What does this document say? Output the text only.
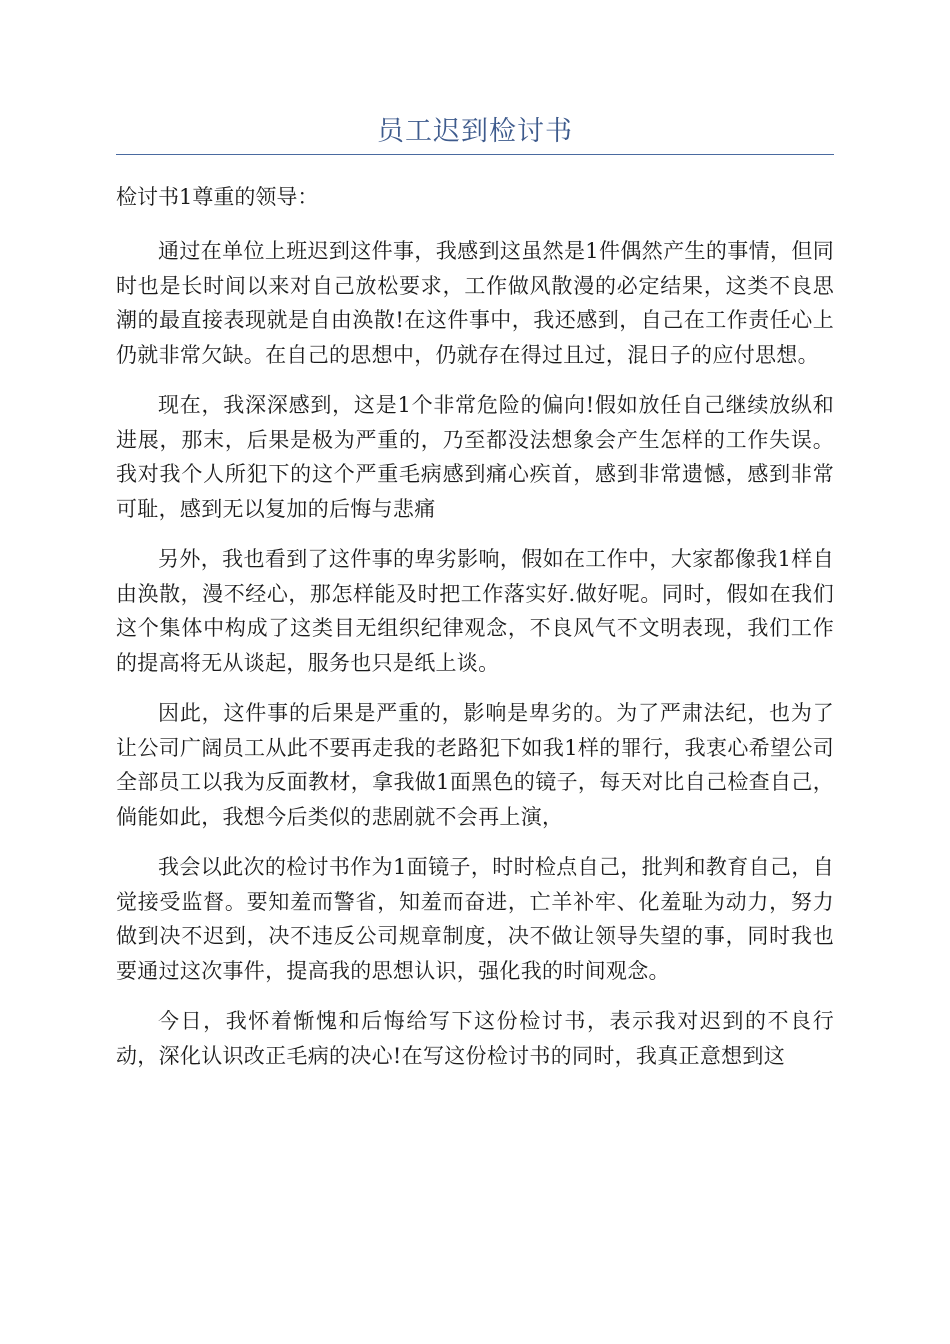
员工迟到检讨书
检讨书1尊重的领导：

通过在单位上班迟到这件事，我感到这虽然是1件偶然产生的事情，但同时也是长时间以来对自己放松要求，工作做风散漫的必定结果，这类不良思潮的最直接表现就是自由涣散!在这件事中，我还感到，自己在工作责任心上仍就非常欠缺。在自己的思想中，仍就存在得过且过，混日子的应付思想。

现在，我深深感到，这是1个非常危险的偏向!假如放任自己继续放纵和进展，那末，后果是极为严重的，乃至都没法想象会产生怎样的工作失误。我对我个人所犯下的这个严重毛病感到痛心疾首，感到非常遗憾，感到非常可耻，感到无以复加的后悔与悲痛

另外，我也看到了这件事的卑劣影响，假如在工作中，大家都像我1样自由涣散，漫不经心，那怎样能及时把工作落实好.做好呢。同时，假如在我们这个集体中构成了这类目无组织纪律观念，不良风气不文明表现，我们工作的提高将无从谈起，服务也只是纸上谈。

因此，这件事的后果是严重的，影响是卑劣的。为了严肃法纪，也为了让公司广阔员工从此不要再走我的老路犯下如我1样的罪行，我衷心希望公司全部员工以我为反面教材，拿我做1面黑色的镜子，每天对比自己检查自己，倘能如此，我想今后类似的悲剧就不会再上演，

我会以此次的检讨书作为1面镜子，时时检点自己，批判和教育自己，自觉接受监督。要知羞而警省，知羞而奋进，亡羊补牢、化羞耻为动力，努力做到决不迟到，决不违反公司规章制度，决不做让领导失望的事，同时我也要通过这次事件，提高我的思想认识，强化我的时间观念。

今日，我怀着惭愧和后悔给写下这份检讨书，表示我对迟到的不良行动，深化认识改正毛病的决心!在写这份检讨书的同时，我真正意想到这
